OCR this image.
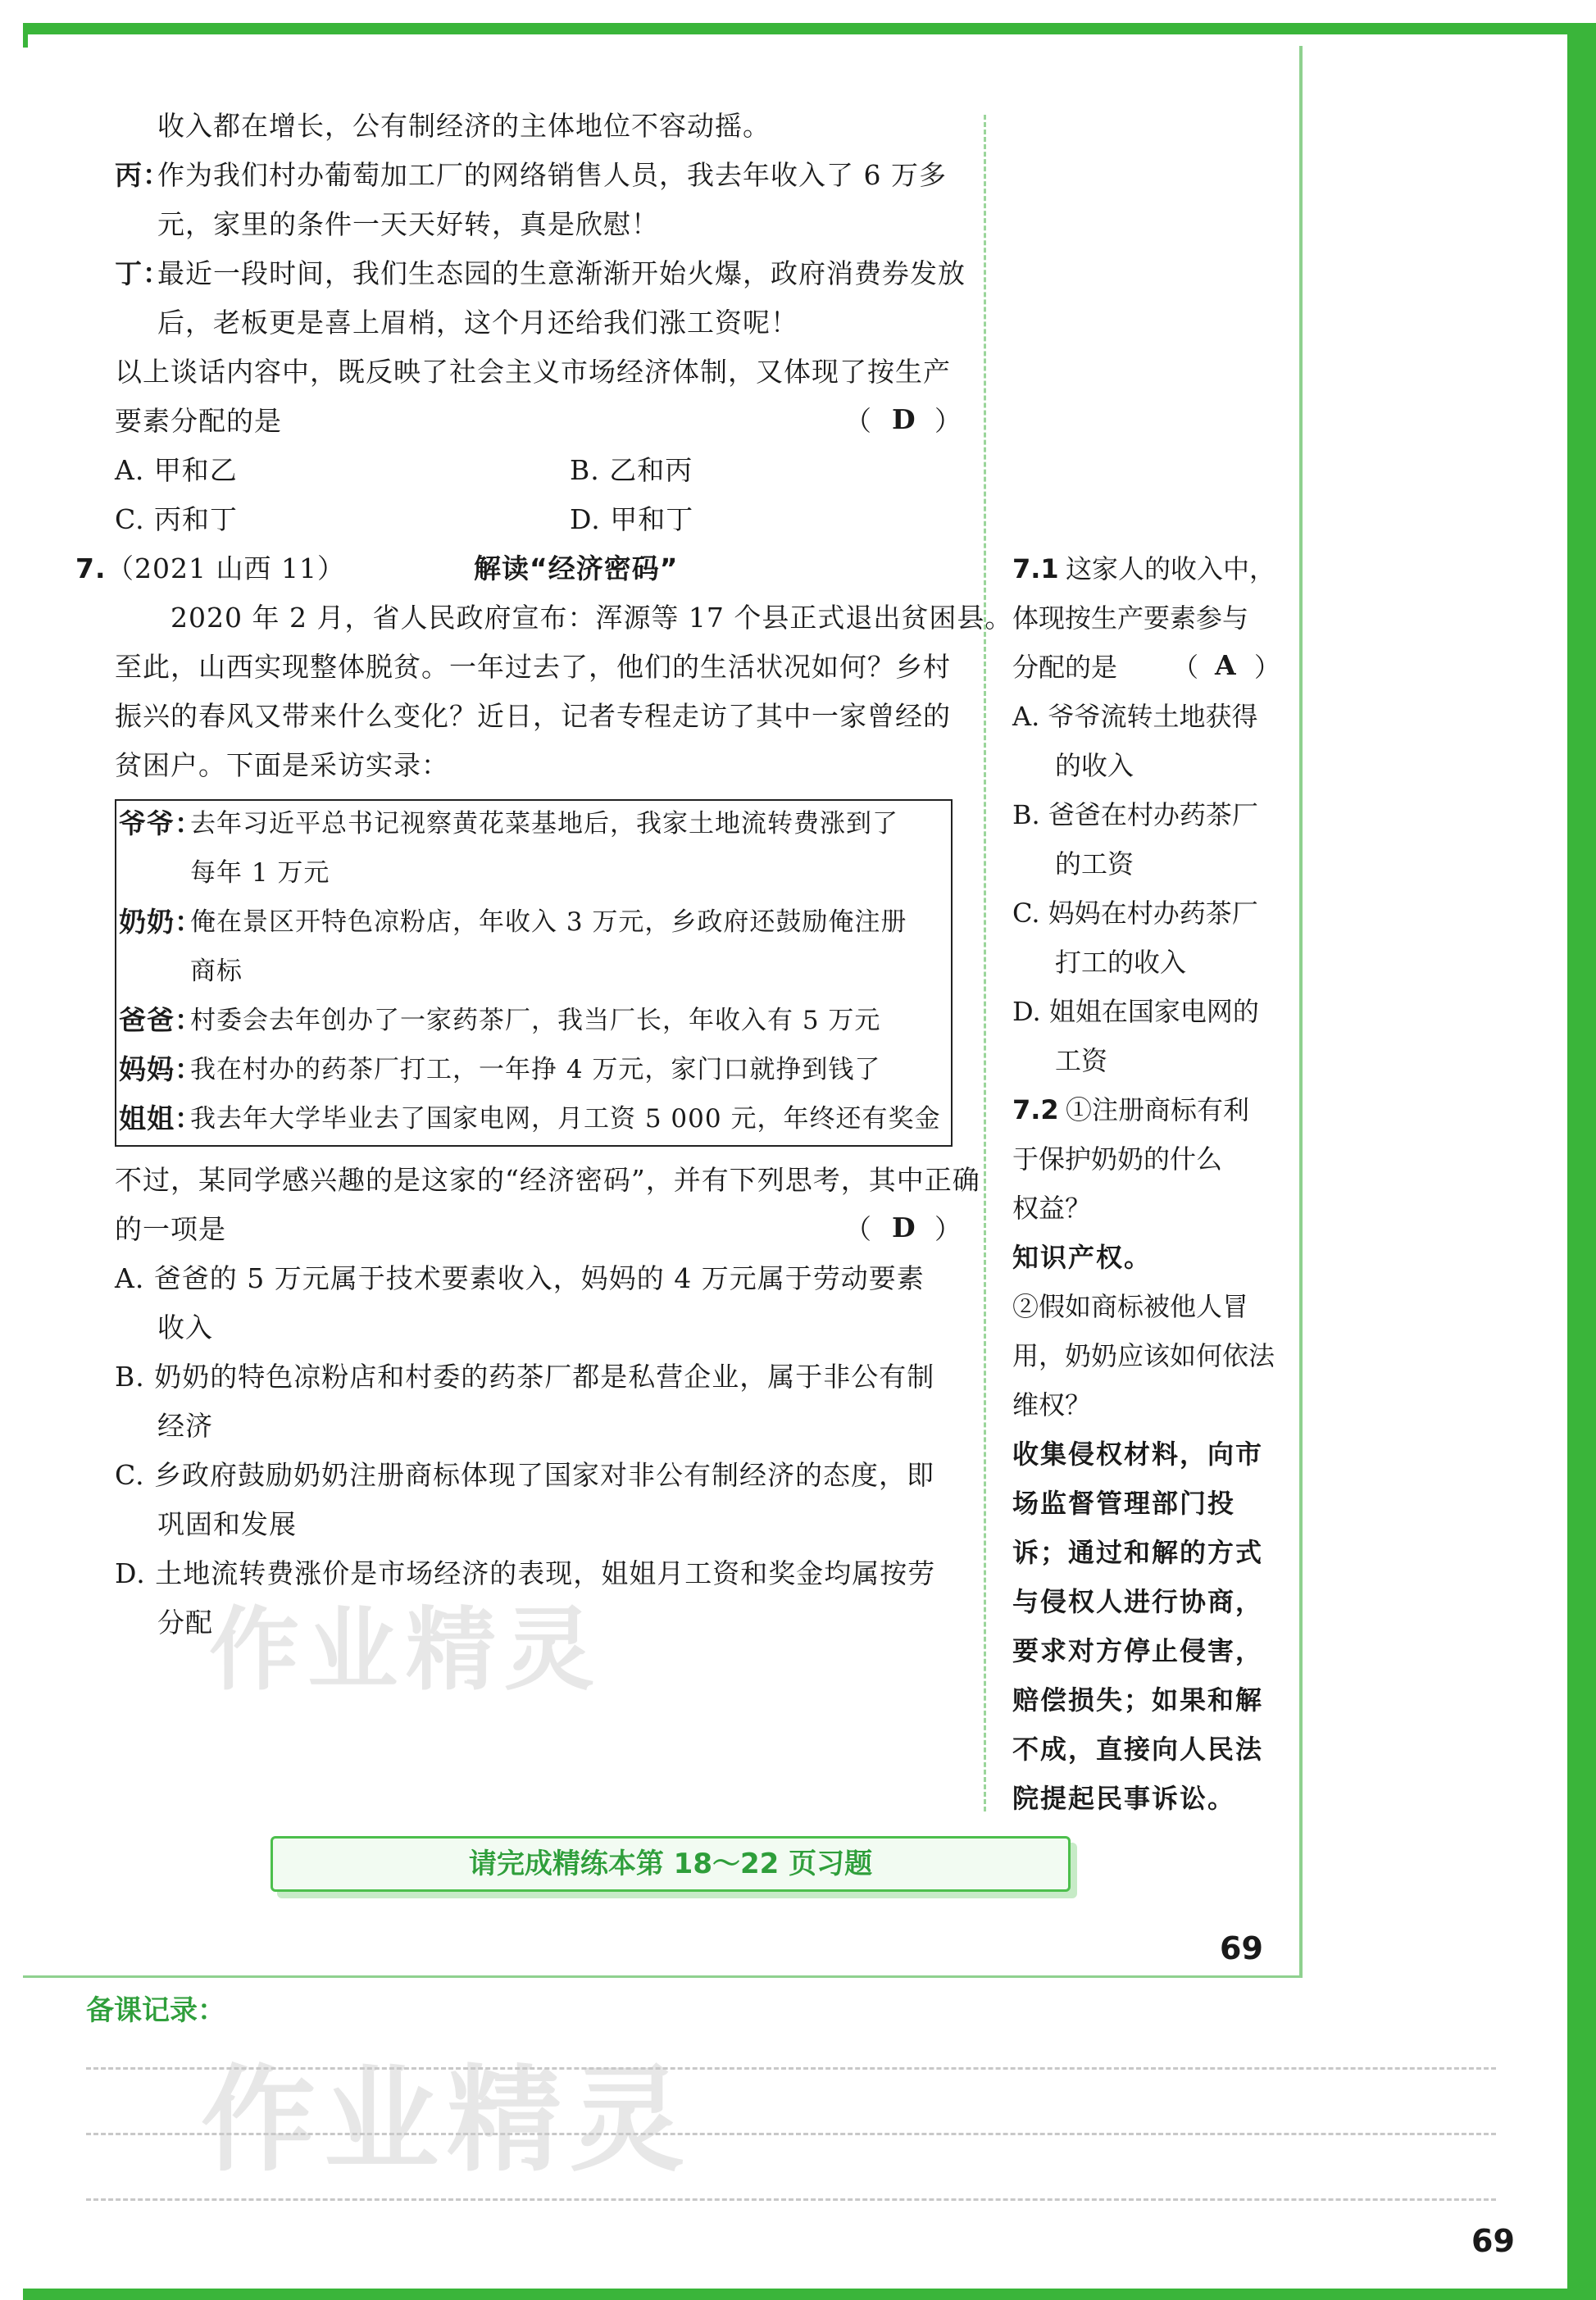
收入都在增长，公有制经济的主体地位不容动摇。
丙：
作为我们村办葡萄加工厂的网络销售人员，我去年收入了 6 万多
元，家里的条件一天天好转，真是欣慰！
丁：
最近一段时间，我们生态园的生意渐渐开始火爆，政府消费券发放
后，老板更是喜上眉梢，这个月还给我们涨工资呢！
以上谈话内容中，既反映了社会主义市场经济体制，又体现了按生产
要素分配的是	（ D ）
A. 甲和乙	B. 乙和丙
C. 丙和丁	D. 甲和丁
7. （2021 山西 11）	解读“经济密码”
2020 年 2 月，省人民政府宣布：浑源等 17 个县正式退出贫困县。
至此，山西实现整体脱贫。一年过去了，他们的生活状况如何？乡村
振兴的春风又带来什么变化？近日，记者专程走访了其中一家曾经的
贫困户。下面是采访实录：
爷爷：
去年习近平总书记视察黄花菜基地后，我家土地流转费涨到了
每年 1 万元
奶奶：
俺在景区开特色凉粉店，年收入 3 万元，乡政府还鼓励俺注册
商标
爸爸：
村委会去年创办了一家药茶厂，我当厂长，年收入有 5 万元
妈妈：
我在村办的药茶厂打工，一年挣 4 万元，家门口就挣到钱了
姐姐：
我去年大学毕业去了国家电网，月工资 5 000 元，年终还有奖金
不过，某同学感兴趣的是这家的“经济密码”，并有下列思考，其中正确
的一项是	（ D ）
A. 爸爸的 5 万元属于技术要素收入，妈妈的 4 万元属于劳动要素
收入
B. 奶奶的特色凉粉店和村委的药茶厂都是私营企业，属于非公有制
经济
C. 乡政府鼓励奶奶注册商标体现了国家对非公有制经济的态度，即
巩固和发展
D. 土地流转费涨价是市场经济的表现，姐姐月工资和奖金均属按劳
分配
7.1 这家人的收入中，
体现按生产要素参与
分配的是 （ A ）
A. 爷爷流转土地获得
的收入
B. 爸爸在村办药茶厂
的工资
C. 妈妈在村办药茶厂
打工的收入
D. 姐姐在国家电网的
工资
7.2 ①注册商标有利
于保护奶奶的什么
权益？
知识产权。
②假如商标被他人冒
用，奶奶应该如何依法
维权？
收集侵权材料，向市
场监督管理部门投
诉；通过和解的方式
与侵权人进行协商，
要求对方停止侵害，
赔偿损失；如果和解
不成，直接向人民法
院提起民事诉讼。
作业精灵
作业精灵
请完成精练本第 18～22 页习题
69
备课记录：
69
